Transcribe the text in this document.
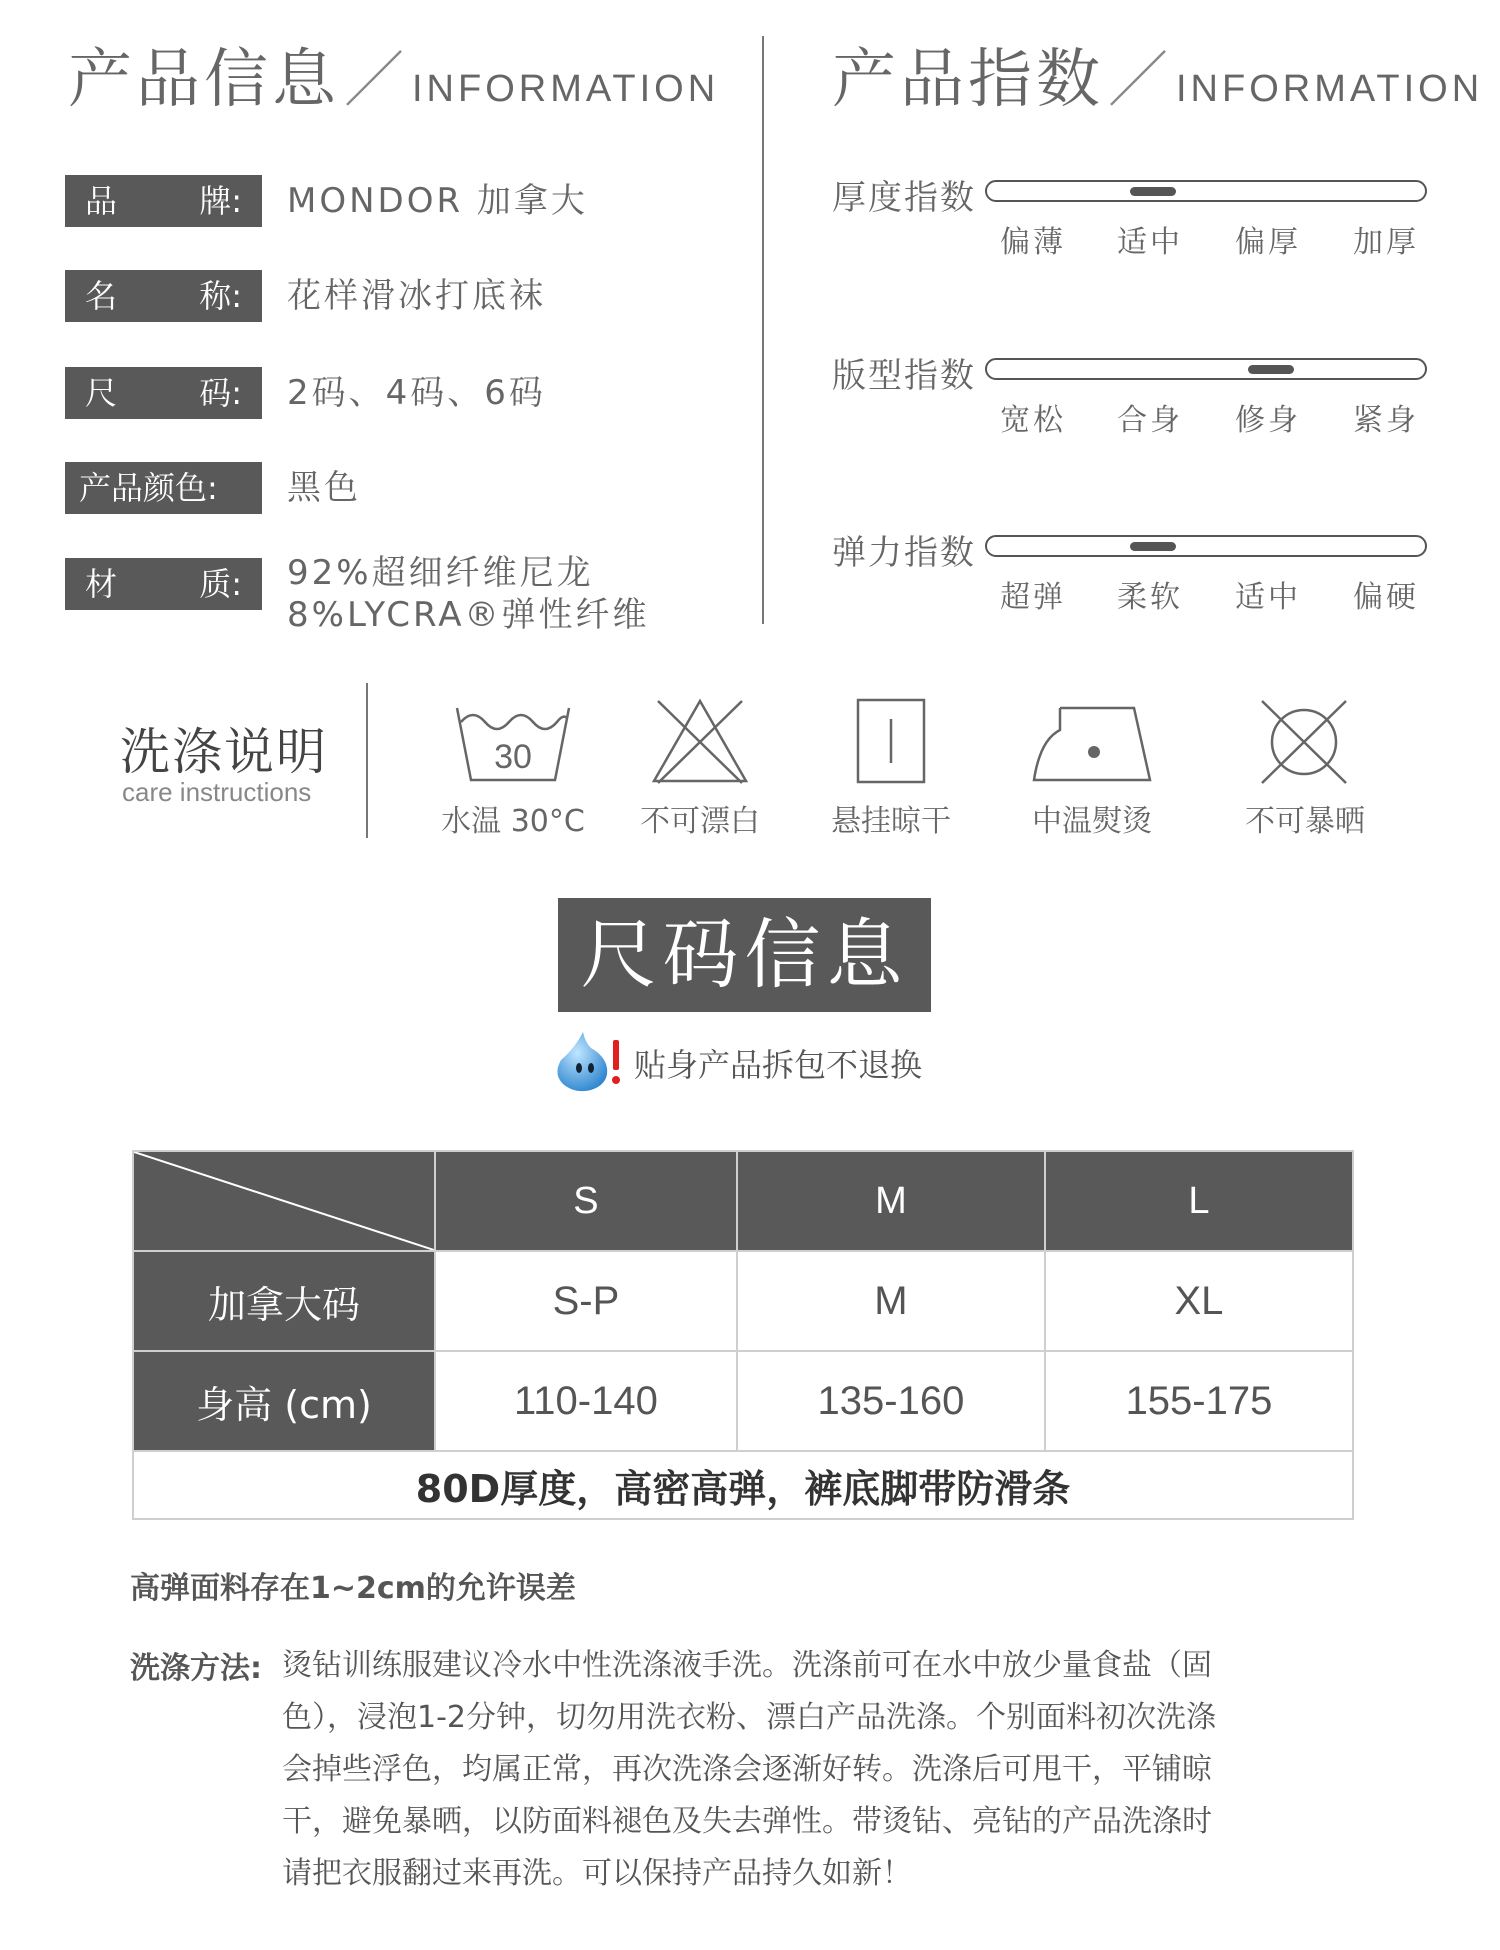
产品信息／ INFORMATION
品	牌: MONDOR 加拿大
名	称: 花样滑冰打底袜
尺	码: 2码、4码、6码
产品颜色: 黑色
材	质: 92%超细纤维尼龙
8%LYCRA®弹性纤维
产品指数／ INFORMATION
厚度指数
偏薄 适中 偏厚 加厚
版型指数
宽松 合身 修身 紧身
弹力指数
超弹 柔软 适中 偏硬
洗涤说明
care instructions
30
水温 30°C	不可漂白	悬挂晾干	中温熨烫	不可暴晒
尺码信息
贴身产品拆包不退换
	S	M	L
加拿大码	S-P	M	XL
身高 (cm)	110-140	135-160	155-175
80D厚度，高密高弹，裤底脚带防滑条			
高弹面料存在1~2cm的允许误差
洗涤方法: 烫钻训练服建议冷水中性洗涤液手洗。洗涤前可在水中放少量食盐（固
色），浸泡1-2分钟，切勿用洗衣粉、漂白产品洗涤。个别面料初次洗涤
会掉些浮色，均属正常，再次洗涤会逐渐好转。洗涤后可甩干，平铺晾
干，避免暴晒，以防面料褪色及失去弹性。带烫钻、亮钻的产品洗涤时
请把衣服翻过来再洗。可以保持产品持久如新！
